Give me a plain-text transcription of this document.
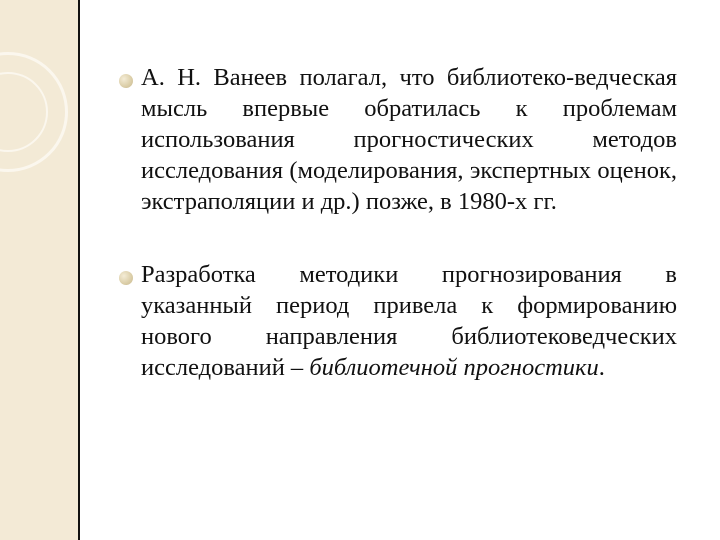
А. Н. Ванеев полагал, что библиотеко-ведческая мысль впервые обратилась к проблемам использования прогностических методов исследования (моделирования, экспертных оценок, экстраполяции и др.) позже, в 1980-х гг.

Разработка методики прогнозирования в указанный период привела к формированию нового направления библиотековедческих исследований – библиотечной прогностики.
